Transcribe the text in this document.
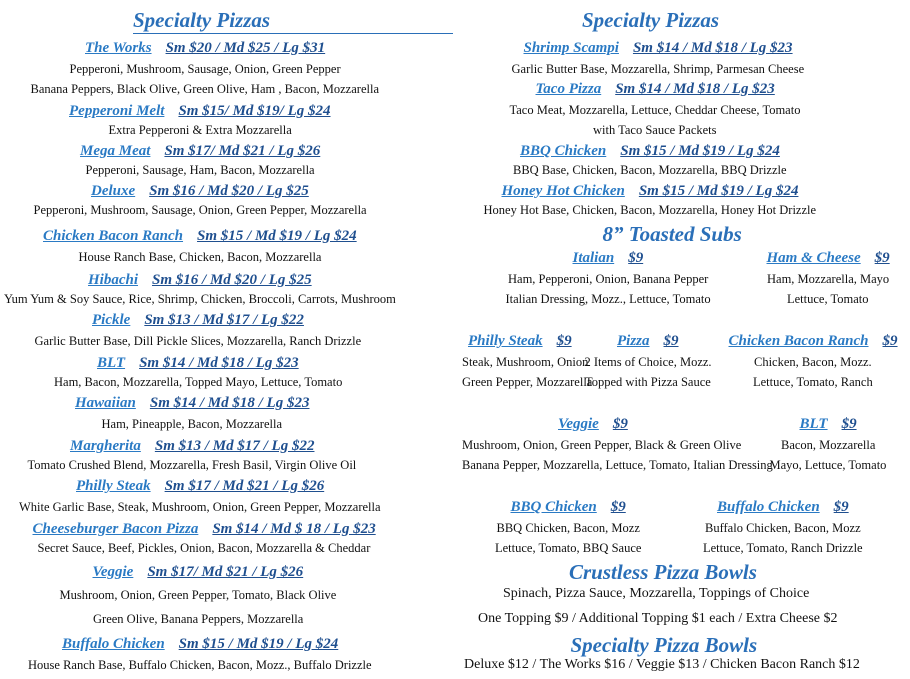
Specialty Pizzas
The Works Sm $20 / Md $25 / Lg $31
Pepperoni, Mushroom, Sausage, Onion, Green Pepper
Banana Peppers, Black Olive, Green Olive, Ham , Bacon, Mozzarella
Pepperoni Melt Sm $15/ Md $19/ Lg $24
Extra Pepperoni & Extra Mozzarella
Mega Meat Sm $17/ Md $21 / Lg $26
Pepperoni, Sausage, Ham, Bacon, Mozzarella
Deluxe Sm $16 / Md $20 / Lg $25
Pepperoni, Mushroom, Sausage, Onion, Green Pepper, Mozzarella
Chicken Bacon Ranch Sm $15 / Md $19 / Lg $24
House Ranch Base, Chicken, Bacon, Mozzarella
Hibachi Sm $16 / Md $20 / Lg $25
Yum Yum & Soy Sauce, Rice, Shrimp, Chicken, Broccoli, Carrots, Mushroom
Pickle Sm $13 / Md $17 / Lg $22
Garlic Butter Base, Dill Pickle Slices, Mozzarella, Ranch Drizzle
BLT Sm $14 / Md $18 / Lg $23
Ham, Bacon, Mozzarella, Topped Mayo, Lettuce, Tomato
Hawaiian Sm $14 / Md $18 / Lg $23
Ham, Pineapple, Bacon, Mozzarella
Margherita Sm $13 / Md $17 / Lg $22
Tomato Crushed Blend, Mozzarella, Fresh Basil, Virgin Olive Oil
Philly Steak Sm $17 / Md $21 / Lg $26
White Garlic Base, Steak, Mushroom, Onion, Green Pepper, Mozzarella
Cheeseburger Bacon Pizza Sm $14 / Md $ 18 / Lg $23
Secret Sauce, Beef, Pickles, Onion, Bacon, Mozzarella & Cheddar
Veggie Sm $17/ Md $21 / Lg $26
Mushroom, Onion, Green Pepper, Tomato, Black Olive
Green Olive, Banana Peppers, Mozzarella
Buffalo Chicken Sm $15 / Md $19 / Lg $24
House Ranch Base, Buffalo Chicken, Bacon, Mozz., Buffalo Drizzle
Specialty Pizzas
Shrimp Scampi Sm $14 / Md $18 / Lg $23
Garlic Butter Base, Mozzarella, Shrimp, Parmesan Cheese
Taco Pizza Sm $14 / Md $18 / Lg $23
Taco Meat, Mozzarella, Lettuce, Cheddar Cheese, Tomato
with Taco Sauce Packets
BBQ Chicken Sm $15 / Md $19 / Lg $24
BBQ Base, Chicken, Bacon, Mozzarella, BBQ Drizzle
Honey Hot Chicken Sm $15 / Md $19 / Lg $24
Honey Hot Base, Chicken, Bacon, Mozzarella, Honey Hot Drizzle
8” Toasted Subs
Italian $9
Ham, Pepperoni, Onion, Banana Pepper
Italian Dressing, Mozz., Lettuce, Tomato
Ham & Cheese $9
Ham, Mozzarella, Mayo
Lettuce, Tomato
Philly Steak $9
Steak, Mushroom, Onion
Green Pepper, Mozzarella
Pizza $9
2 Items of Choice, Mozz.
Topped with Pizza Sauce
Chicken Bacon Ranch $9
Chicken, Bacon, Mozz.
Lettuce, Tomato, Ranch
Veggie $9
Mushroom, Onion, Green Pepper, Black & Green Olive
Banana Pepper, Mozzarella, Lettuce, Tomato, Italian Dressing
BLT $9
Bacon, Mozzarella
Mayo, Lettuce, Tomato
BBQ Chicken $9
BBQ Chicken, Bacon, Mozz
Lettuce, Tomato, BBQ Sauce
Buffalo Chicken $9
Buffalo Chicken, Bacon, Mozz
Lettuce, Tomato, Ranch Drizzle
Crustless Pizza Bowls
Spinach, Pizza Sauce, Mozzarella, Toppings of Choice
One Topping $9 / Additional Topping $1 each / Extra Cheese $2
Specialty Pizza Bowls
Deluxe $12 / The Works $16 / Veggie $13 / Chicken Bacon Ranch $12
